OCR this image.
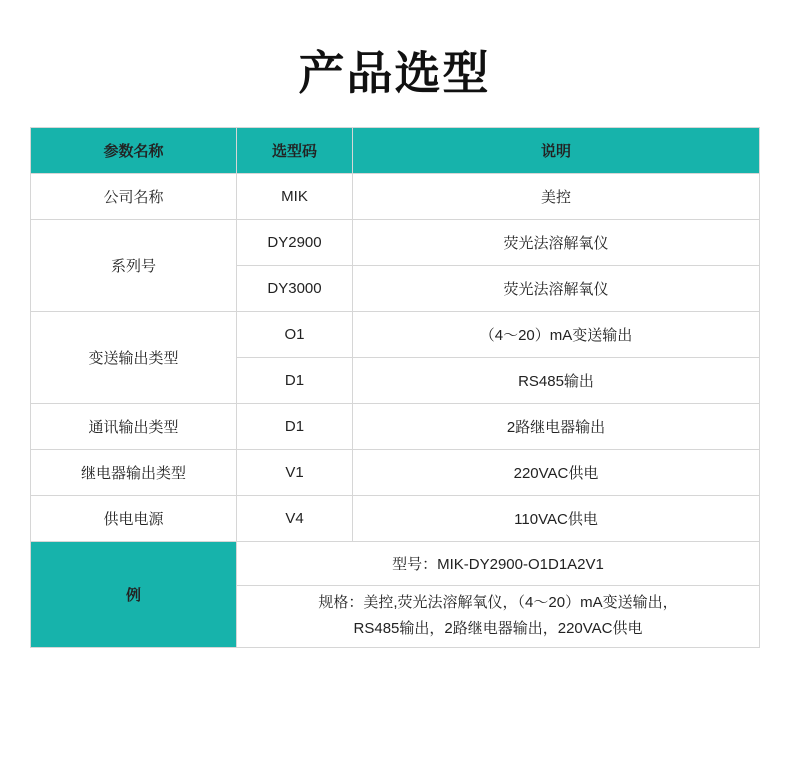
产品选型
参数名称	选型码	说明
公司名称	MIK	美控
系列号	DY2900	荧光法溶解氧仪
	DY3000	荧光法溶解氧仪
变送输出类型	O1	（4～20）mA变送输出
	D1	RS485输出
通讯输出类型	D1	2路继电器输出
继电器输出类型	V1	220VAC供电
供电电源	V4	110VAC供电
例	型号：MIK-DY2900-O1D1A2V1	
	规格：美控,荧光法溶解氧仪，（4～20）mA变送输出，
RS485输出，2路继电器输出，220VAC供电	
